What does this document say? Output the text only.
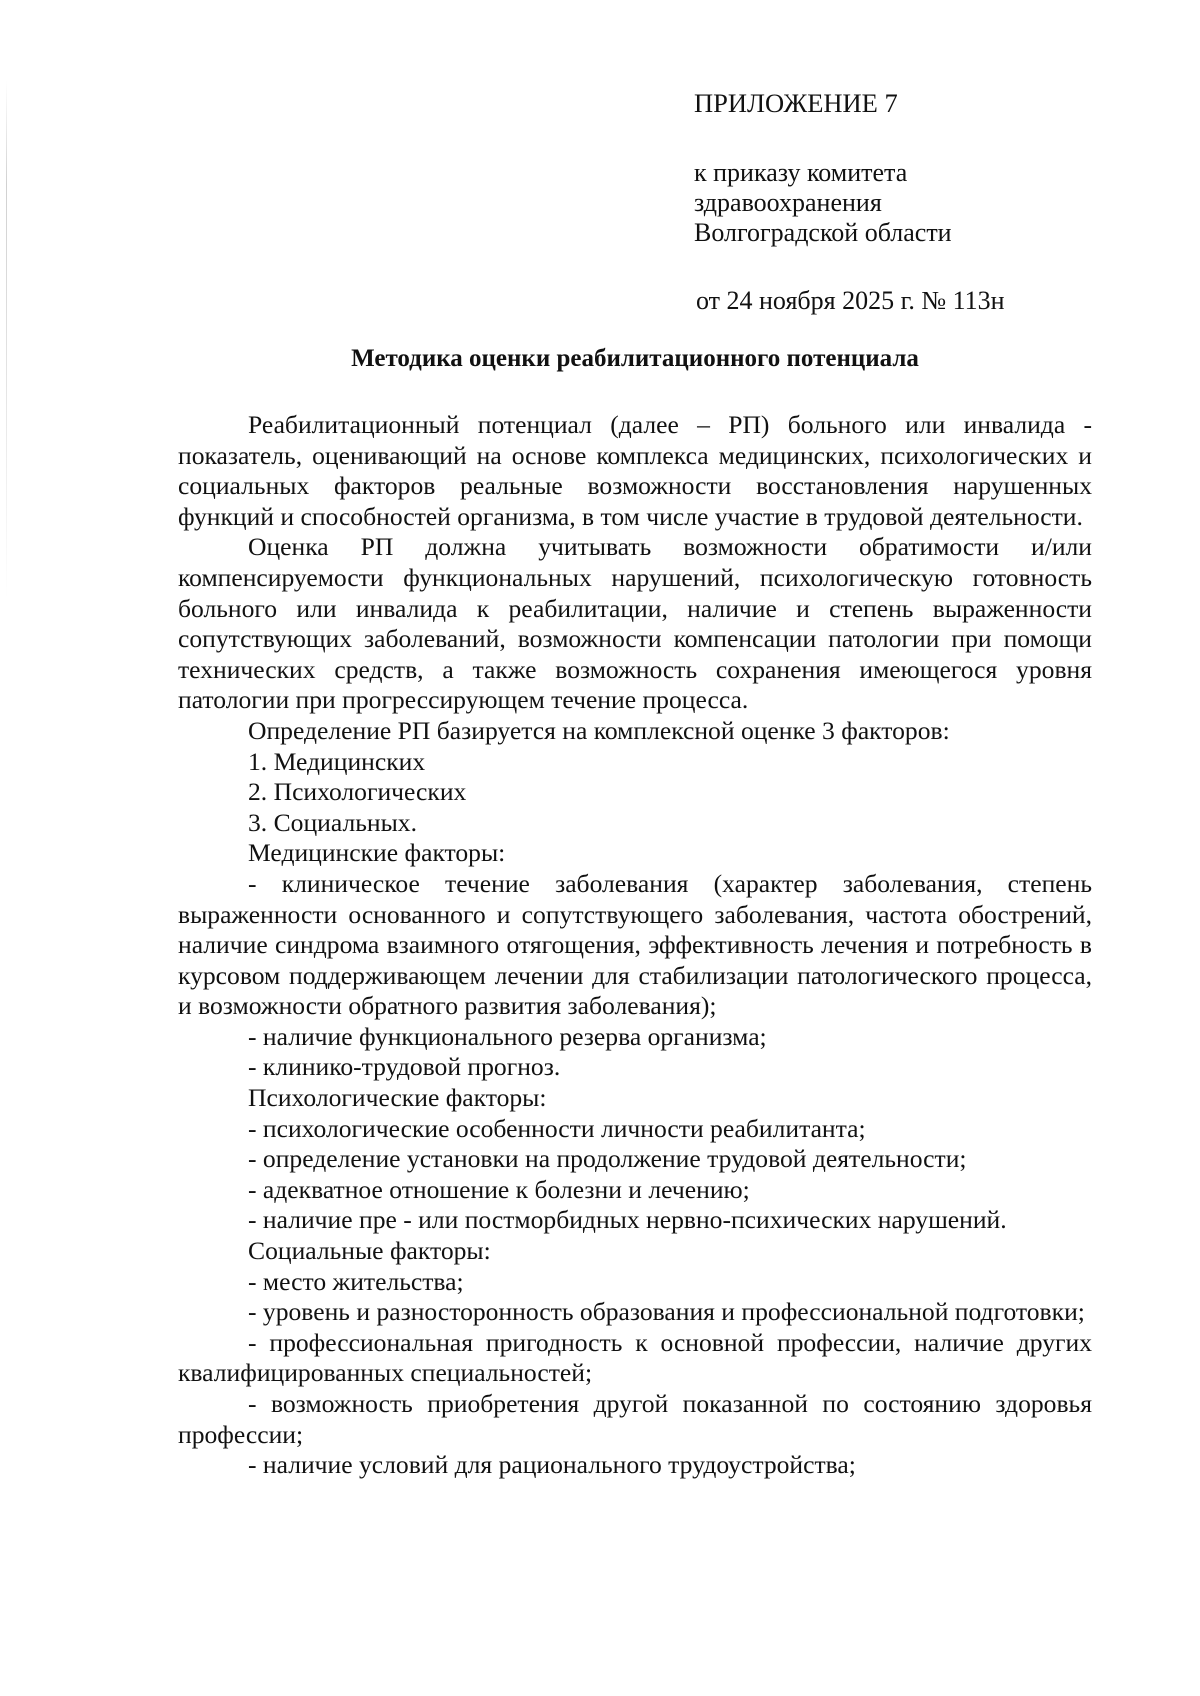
ПРИЛОЖЕНИЕ 7

к приказу комитета

здравоохранения

Волгоградской области

от 24 ноября 2025 г. № 113н

Методика оценки реабилитационного потенциала

Реабилитационный потенциал (далее – РП) больного или инвалида - показатель, оценивающий на основе комплекса медицинских, психологических и социальных факторов реальные возможности восстановления нарушенных функций и способностей организма, в том числе участие в трудовой деятельности.

Оценка РП должна учитывать возможности обратимости и/или компенсируемости функциональных нарушений, психологическую готовность больного или инвалида к реабилитации, наличие и степень выраженности сопутствующих заболеваний, возможности компенсации патологии при помощи технических средств, а также возможность сохранения имеющегося уровня патологии при прогрессирующем течение процесса.

Определение РП базируется на комплексной оценке 3 факторов:

1. Медицинских

2. Психологических

3. Социальных.

Медицинские факторы:

- клиническое течение заболевания (характер заболевания, степень выраженности основанного и сопутствующего заболевания, частота обострений, наличие синдрома взаимного отягощения, эффективность лечения и потребность в курсовом поддерживающем лечении для стабилизации патологического процесса, и возможности обратного развития заболевания);

- наличие функционального резерва организма;

- клинико-трудовой прогноз.

Психологические факторы:

- психологические особенности личности реабилитанта;

- определение установки на продолжение трудовой деятельности;

- адекватное отношение к болезни и лечению;

- наличие пре - или постморбидных нервно-психических нарушений.

Социальные факторы:

- место жительства;

- уровень и разносторонность образования и профессиональной подготовки;

- профессиональная пригодность к основной профессии, наличие других квалифицированных специальностей;

- возможность приобретения другой показанной по состоянию здоровья профессии;

- наличие условий для рационального трудоустройства;
